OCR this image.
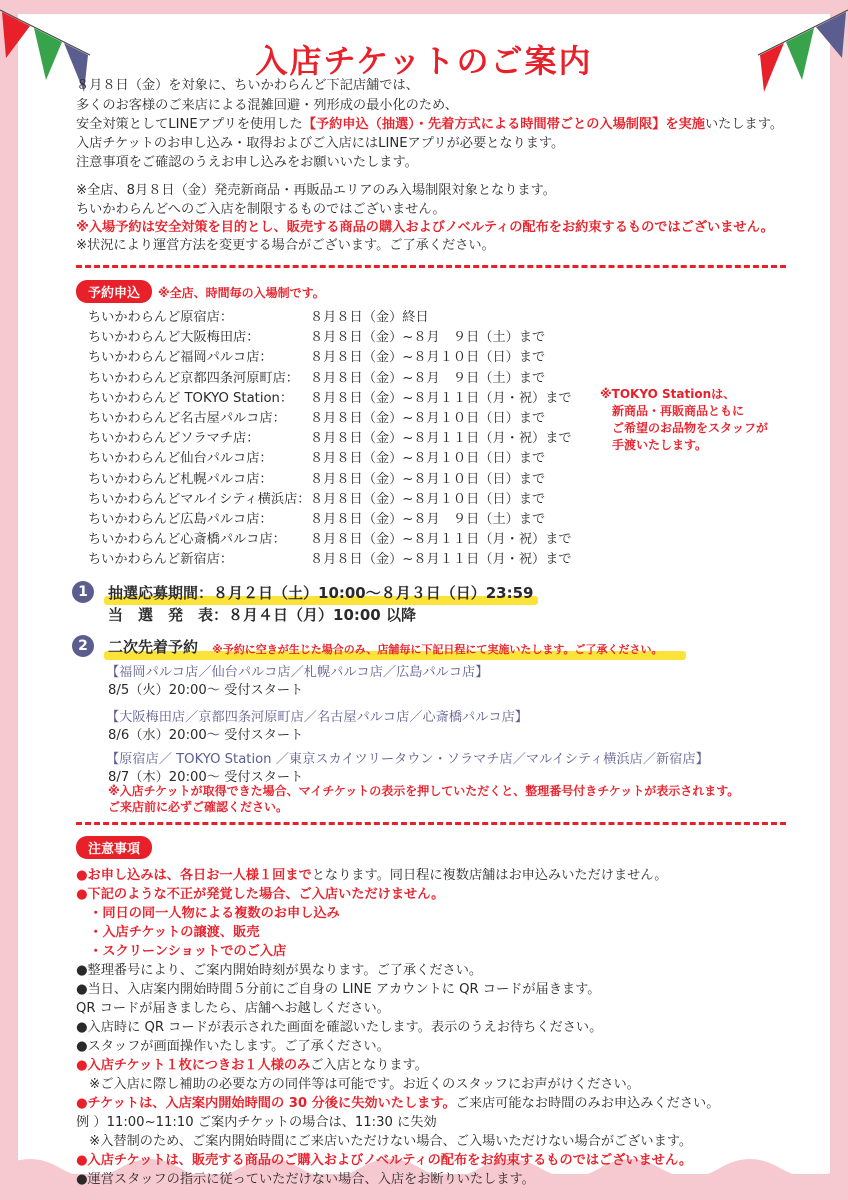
入店チケットのご案内
８月８日（金）を対象に、ちいかわらんど下記店舗では、
多くのお客様のご来店による混雑回避・列形成の最小化のため、
安全対策としてLINEアプリを使用した【予約申込（抽選）・先着方式による時間帯ごとの入場制限】を実施いたします。
入店チケットのお申し込み・取得およびご入店にはLINEアプリが必要となります。
注意事項をご確認のうえお申し込みをお願いいたします。
※全店、8月８日（金）発売新商品・再販品エリアのみ入場制限対象となります。
ちいかわらんどへのご入店を制限するものではございません。
※入場予約は安全対策を目的とし、販売する商品の購入およびノベルティの配布をお約束するものではございません。
※状況により運営方法を変更する場合がございます。ご了承ください。
予約申込	※全店、時間毎の入場制です。
ちいかわらんど原宿店：	８月８日（金）終日
ちいかわらんど大阪梅田店：	８月８日（金）~８月　９日（土）まで
ちいかわらんど福岡パルコ店：	８月８日（金）~８月１０日（日）まで
ちいかわらんど京都四条河原町店： ８月８日（金）~８月　９日（土）まで
ちいかわらんど TOKYO Station： ８月８日（金）~８月１１日（月・祝）まで
ちいかわらんど名古屋パルコ店： ８月８日（金）~８月１０日（日）まで
ちいかわらんどソラマチ店：	８月８日（金）~８月１１日（月・祝）まで
ちいかわらんど仙台パルコ店：	８月８日（金）~８月１０日（日）まで
ちいかわらんど札幌パルコ店：	８月８日（金）~８月１０日（日）まで
ちいかわらんどマルイシティ横浜店： ８月８日（金）~８月１０日（日）まで
ちいかわらんど広島パルコ店：	８月８日（金）~８月　９日（土）まで
ちいかわらんど心斎橋パルコ店： ８月８日（金）~８月１１日（月・祝）まで
ちいかわらんど新宿店：	８月８日（金）~８月１１日（月・祝）まで
※TOKYO Stationは、
　新商品・再販商品ともに
　ご希望のお品物をスタッフが
　手渡いたします。
1	抽選応募期間：８月２日（土）10:00〜８月３日（日）23:59
当　選　発　表：８月４日（月）10:00 以降
2	二次先着予約 ※予約に空きが生じた場合のみ、店舗毎に下記日程にて実施いたします。ご了承ください。
【福岡パルコ店／仙台パルコ店／札幌パルコ店／広島パルコ店】
8/5（火）20:00〜 受付スタート
【大阪梅田店／京都四条河原町店／名古屋パルコ店／心斎橋パルコ店】
8/6（水）20:00〜 受付スタート
【原宿店／ TOKYO Station ／東京スカイツリータウン・ソラマチ店／マルイシティ横浜店／新宿店】
8/7（木）20:00〜 受付スタート
※入店チケットが取得できた場合、マイチケットの表示を押していただくと、整理番号付きチケットが表示されます。
ご来店前に必ずご確認ください。
注意事項
●お申し込みは、各日お一人様１回までとなります。同日程に複数店舗はお申込みいただけません。
●下記のような不正が発覚した場合、ご入店いただけません。
　・同日の同一人物による複数のお申し込み
　・入店チケットの譲渡、販売
　・スクリーンショットでのご入店
●整理番号により、ご案内開始時刻が異なります。ご了承ください。
●当日、入店案内開始時間５分前にご自身の LINE アカウントに QR コードが届きます。
QR コードが届きましたら、店舗へお越しください。
●入店時に QR コードが表示された画面を確認いたします。表示のうえお待ちください。
●スタッフが画面操作いたします。ご了承ください。
●入店チケット１枚につきお１人様のみご入店となります。
　※ご入店に際し補助の必要な方の同伴等は可能です。お近くのスタッフにお声がけください。
●チケットは、入店案内開始時間の 30 分後に失効いたします。ご来店可能なお時間のみお申込みください。
例 ）11:00~11:10 ご案内チケットの場合は、11:30 に失効
　※入替制のため、ご案内開始時間にご来店いただけない場合、ご入場いただけない場合がございます。
●入店チケットは、販売する商品のご購入およびノベルティの配布をお約束するものではございません。
●運営スタッフの指示に従っていただけない場合、入店をお断りいたします。
